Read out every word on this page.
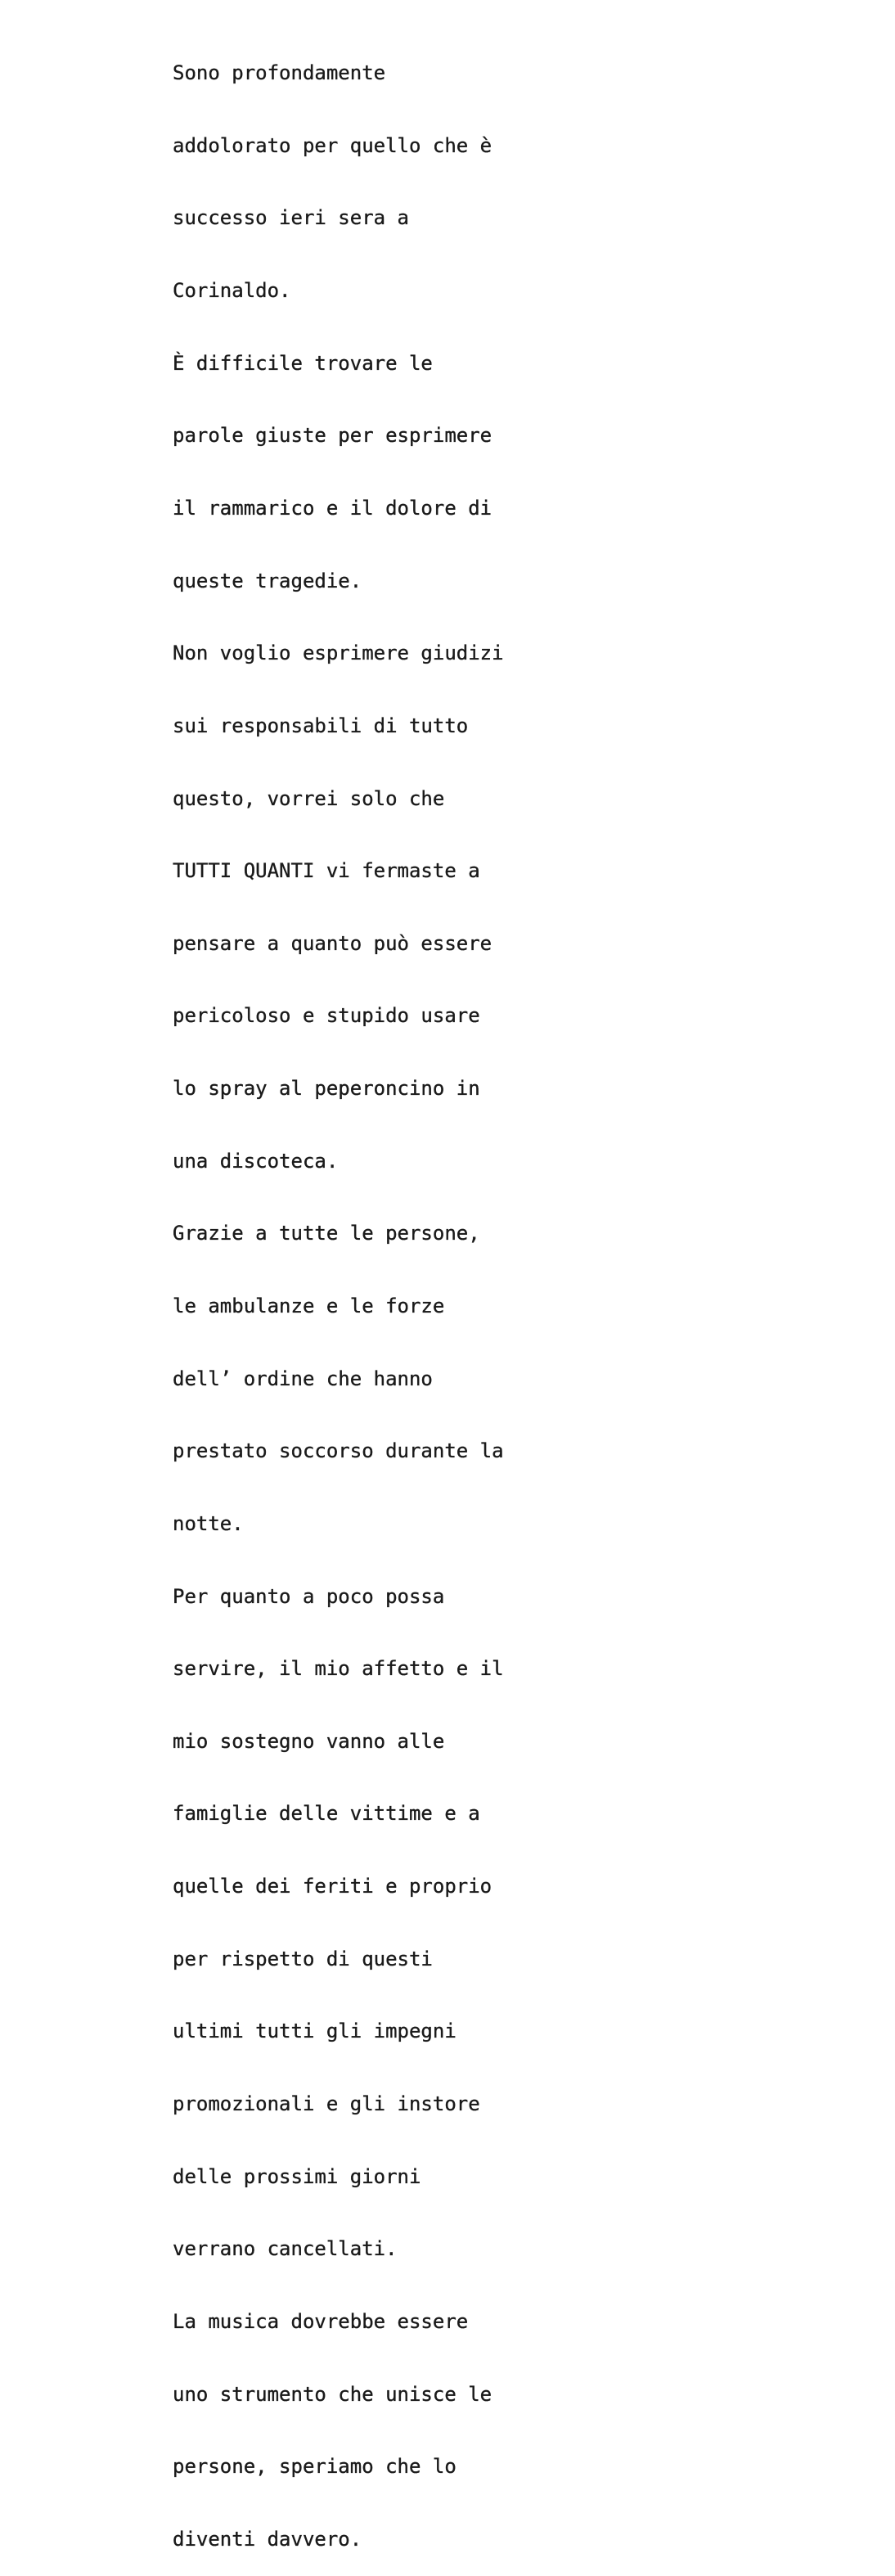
Sono profondamente

addolorato per quello che è

successo ieri sera a

Corinaldo.

È difficile trovare le

parole giuste per esprimere

il rammarico e il dolore di

queste tragedie.

Non voglio esprimere giudizi

sui responsabili di tutto

questo, vorrei solo che

TUTTI QUANTI vi fermaste a

pensare a quanto può essere

pericoloso e stupido usare

lo spray al peperoncino in

una discoteca.

Grazie a tutte le persone,

le ambulanze e le forze

dell’ ordine che hanno

prestato soccorso durante la

notte.

Per quanto a poco possa

servire, il mio affetto e il

mio sostegno vanno alle

famiglie delle vittime e a

quelle dei feriti e proprio

per rispetto di questi

ultimi tutti gli impegni

promozionali e gli instore

delle prossimi giorni

verrano cancellati.

La musica dovrebbe essere

uno strumento che unisce le

persone, speriamo che lo

diventi davvero.
